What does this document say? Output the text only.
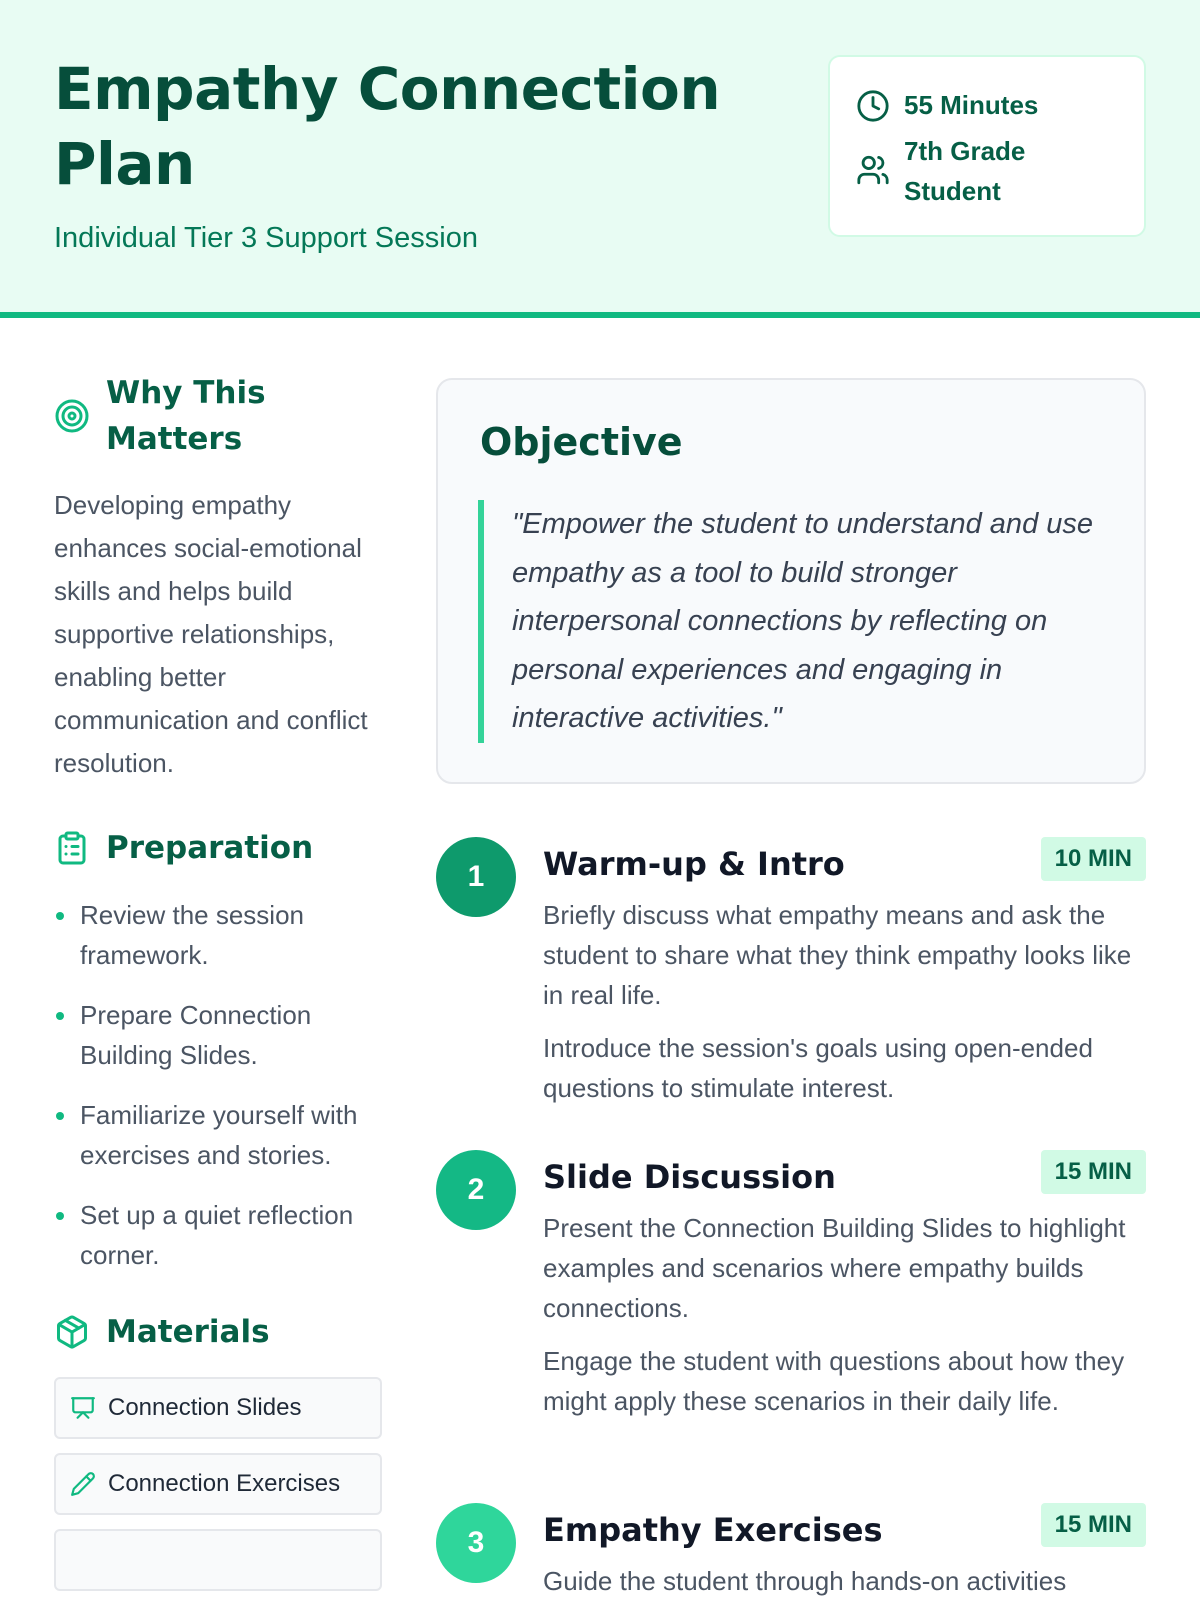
Empathy Connection Plan
Individual Tier 3 Support Session
55 Minutes
7th Grade Student
Why This Matters

Developing empathy enhances social-emotional skills and helps build supportive relationships, enabling better communication and conflict resolution.

Preparation
Review the session framework.
Prepare Connection Building Slides.
Familiarize yourself with exercises and stories.
Set up a quiet reflection corner.
Materials
Connection Slides
Connection Exercises
Objective
"Empower the student to understand and use empathy as a tool to build stronger interpersonal connections by reflecting on personal experiences and engaging in interactive activities."
1	Warm-up & Intro	10 MIN

Briefly discuss what empathy means and ask the student to share what they think empathy looks like in real life.

Introduce the session's goals using open-ended questions to stimulate interest.

2	Slide Discussion	15 MIN

Present the Connection Building Slides to highlight examples and scenarios where empathy builds connections.

Engage the student with questions about how they might apply these scenarios in their daily life.

3	Empathy Exercises	15 MIN

Guide the student through hands-on activities
